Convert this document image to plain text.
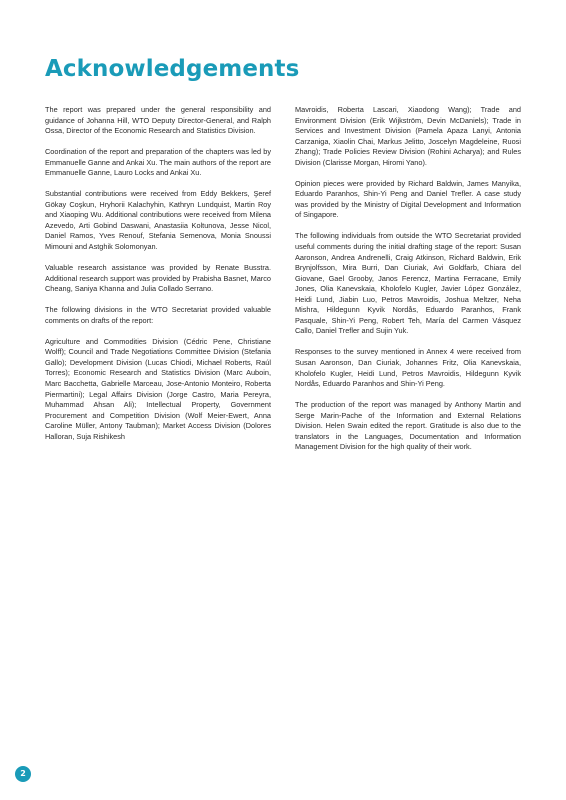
Acknowledgements

The report was prepared under the general responsibility and guidance of Johanna Hill, WTO Deputy Director-General, and Ralph Ossa, Director of the Economic Research and Statistics Division.

Coordination of the report and preparation of the chapters was led by Emmanuelle Ganne and Ankai Xu. The main authors of the report are Emmanuelle Ganne, Lauro Locks and Ankai Xu.

Substantial contributions were received from Eddy Bekkers, Şeref Gökay Coşkun, Hryhorii Kalachyhin, Kathryn Lundquist, Martin Roy and Xiaoping Wu. Additional contributions were received from Milena Azevedo, Arti Gobind Daswani, Anastasiia Koltunova, Jesse Nicol, Daniel Ramos, Yves Renouf, Stefania Semenova, Monia Snoussi Mimouni and Astghik Solomonyan.

Valuable research assistance was provided by Renate Busstra. Additional research support was provided by Prabisha Basnet, Marco Cheang, Saniya Khanna and Julia Collado Serrano.

The following divisions in the WTO Secretariat provided valuable comments on drafts of the report:

Agriculture and Commodities Division (Cédric Pene, Christiane Wolff); Council and Trade Negotiations Committee Division (Stefania Gallo); Development Division (Lucas Chiodi, Michael Roberts, Raúl Torres); Economic Research and Statistics Division (Marc Auboin, Marc Bacchetta, Gabrielle Marceau, Jose-Antonio Monteiro, Roberta Piermartini); Legal Affairs Division (Jorge Castro, Maria Pereyra, Muhammad Ahsan Ali); Intellectual Property, Government Procurement and Competition Division (Wolf Meier-Ewert, Anna Caroline Müller, Antony Taubman); Market Access Division (Dolores Halloran, Suja Rishikesh

Mavroidis, Roberta Lascari, Xiaodong Wang); Trade and Environment Division (Erik Wijkström, Devin McDaniels); Trade in Services and Investment Division (Pamela Apaza Lanyi, Antonia Carzaniga, Xiaolin Chai, Markus Jelitto, Joscelyn Magdeleine, Ruosi Zhang); Trade Policies Review Division (Rohini Acharya); and Rules Division (Clarisse Morgan, Hiromi Yano).

Opinion pieces were provided by Richard Baldwin, James Manyika, Eduardo Paranhos, Shin-Yi Peng and Daniel Trefler. A case study was provided by the Ministry of Digital Development and Information of Singapore.

The following individuals from outside the WTO Secretariat provided useful comments during the initial drafting stage of the report: Susan Aaronson, Andrea Andrenelli, Craig Atkinson, Richard Baldwin, Erik Brynjolfsson, Mira Burri, Dan Ciuriak, Avi Goldfarb, Chiara del Giovane, Gael Grooby, Janos Ferencz, Martina Ferracane, Emily Jones, Olia Kanevskaia, Kholofelo Kugler, Javier López González, Heidi Lund, Jiabin Luo, Petros Mavroidis, Joshua Meltzer, Neha Mishra, Hildegunn Kyvik Nordås, Eduardo Paranhos, Frank Pasquale, Shin-Yi Peng, Robert Teh, María del Carmen Vásquez Callo, Daniel Trefler and Sujin Yuk.

Responses to the survey mentioned in Annex 4 were received from Susan Aaronson, Dan Ciuriak, Johannes Fritz, Olia Kanevskaia, Kholofelo Kugler, Heidi Lund, Petros Mavroidis, Hildegunn Kyvik Nordås, Eduardo Paranhos and Shin-Yi Peng.

The production of the report was managed by Anthony Martin and Serge Marin-Pache of the Information and External Relations Division. Helen Swain edited the report. Gratitude is also due to the translators in the Languages, Documentation and Information Management Division for the high quality of their work.

2
